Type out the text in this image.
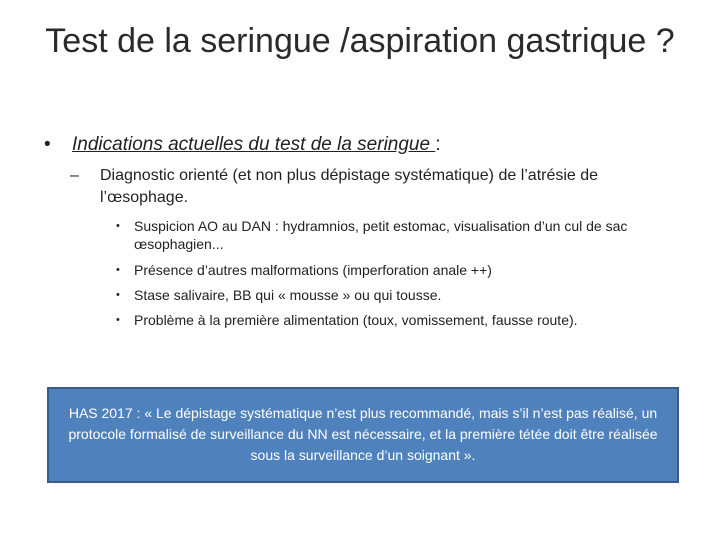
Test de la seringue /aspiration gastrique ?
• Indications actuelles du test de la seringue :
– Diagnostic orienté (et non plus dépistage systématique) de l’atrésie de l’œsophage.
• Suspicion AO au DAN : hydramnios, petit estomac, visualisation d’un cul de sac œsophagien...
• Présence d’autres malformations (imperforation anale ++)
• Stase salivaire, BB qui « mousse » ou qui tousse.
• Problème à la première alimentation (toux, vomissement, fausse route).
HAS 2017 : « Le dépistage systématique n’est plus recommandé, mais s’il n’est pas réalisé, un protocole formalisé de surveillance du NN est nécessaire, et la première tétée doit être réalisée sous la surveillance d’un soignant ».
